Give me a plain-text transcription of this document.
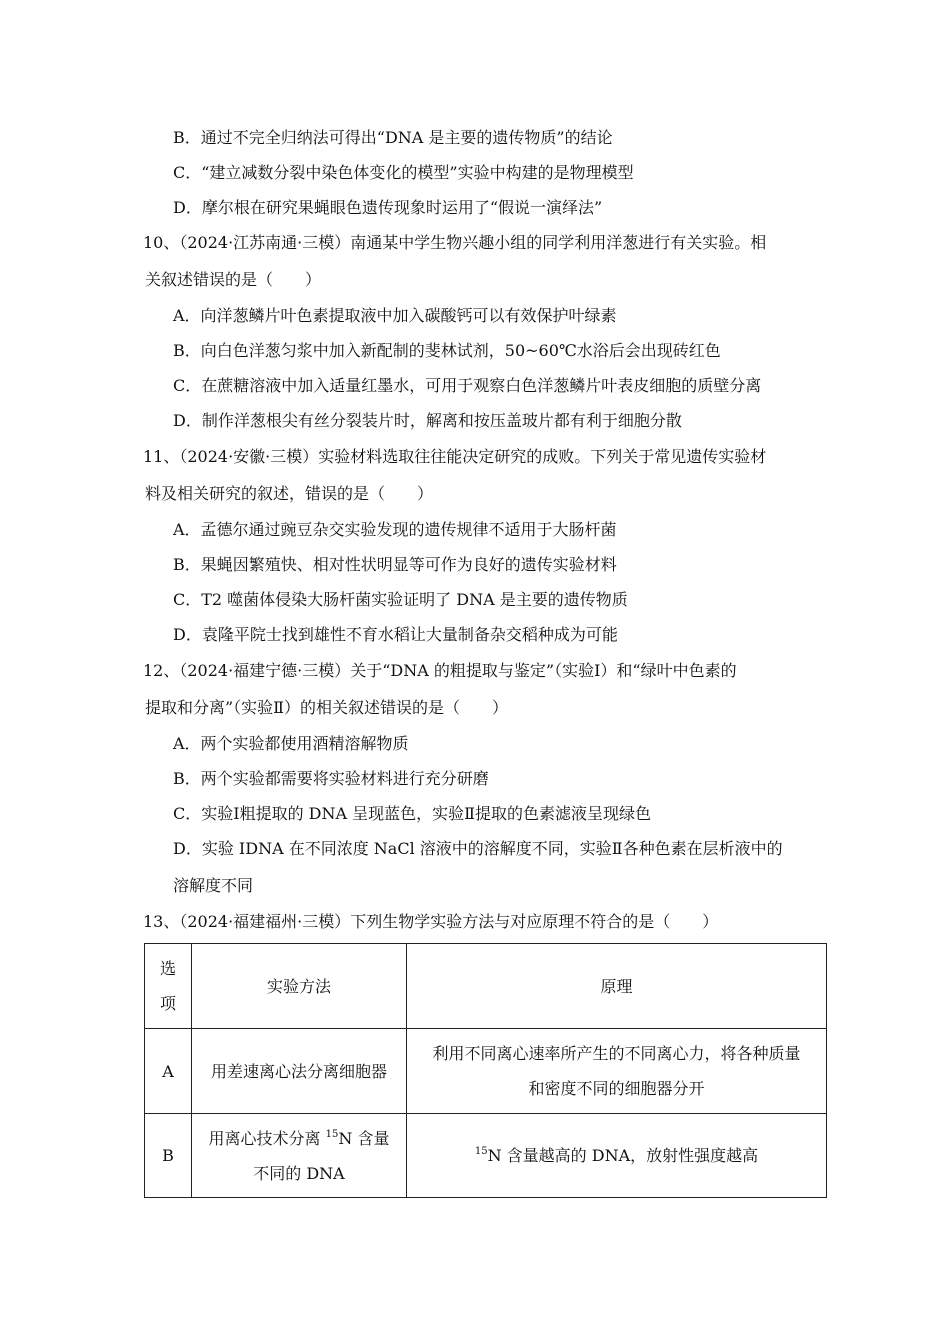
B．通过不完全归纳法可得出“DNA 是主要的遗传物质”的结论
C．“建立减数分裂中染色体变化的模型”实验中构建的是物理模型
D．摩尔根在研究果蝇眼色遗传现象时运用了“假说一演绎法”
10、（2024·江苏南通·三模）南通某中学生物兴趣小组的同学利用洋葱进行有关实验。相
关叙述错误的是（　　）
A．向洋葱鳞片叶色素提取液中加入碳酸钙可以有效保护叶绿素
B．向白色洋葱匀浆中加入新配制的斐林试剂，50~60℃水浴后会出现砖红色
C．在蔗糖溶液中加入适量红墨水，可用于观察白色洋葱鳞片叶表皮细胞的质壁分离
D．制作洋葱根尖有丝分裂装片时，解离和按压盖玻片都有利于细胞分散
11、（2024·安徽·三模）实验材料选取往往能决定研究的成败。下列关于常见遗传实验材
料及相关研究的叙述，错误的是（　　）
A．孟德尔通过豌豆杂交实验发现的遗传规律不适用于大肠杆菌
B．果蝇因繁殖快、相对性状明显等可作为良好的遗传实验材料
C．T2 噬菌体侵染大肠杆菌实验证明了 DNA 是主要的遗传物质
D．袁隆平院士找到雄性不育水稻让大量制备杂交稻种成为可能
12、（2024·福建宁德·三模）关于“DNA 的粗提取与鉴定”（实验Ⅰ）和“绿叶中色素的
提取和分离”（实验Ⅱ）的相关叙述错误的是（　　）
A．两个实验都使用酒精溶解物质
B．两个实验都需要将实验材料进行充分研磨
C．实验Ⅰ粗提取的 DNA 呈现蓝色，实验Ⅱ提取的色素滤液呈现绿色
D．实验 IDNA 在不同浓度 NaCl 溶液中的溶解度不同，实验Ⅱ各种色素在层析液中的
溶解度不同
13、（2024·福建福州·三模）下列生物学实验方法与对应原理不符合的是（　　）
选
项	实验方法	原理
A	用差速离心法分离细胞器	利用不同离心速率所产生的不同离心力，将各种质量
和密度不同的细胞器分开
B	用离心技术分离 $^{15}$N 含量
不同的 DNA	$^{15}$N 含量越高的 DNA，放射性强度越高
